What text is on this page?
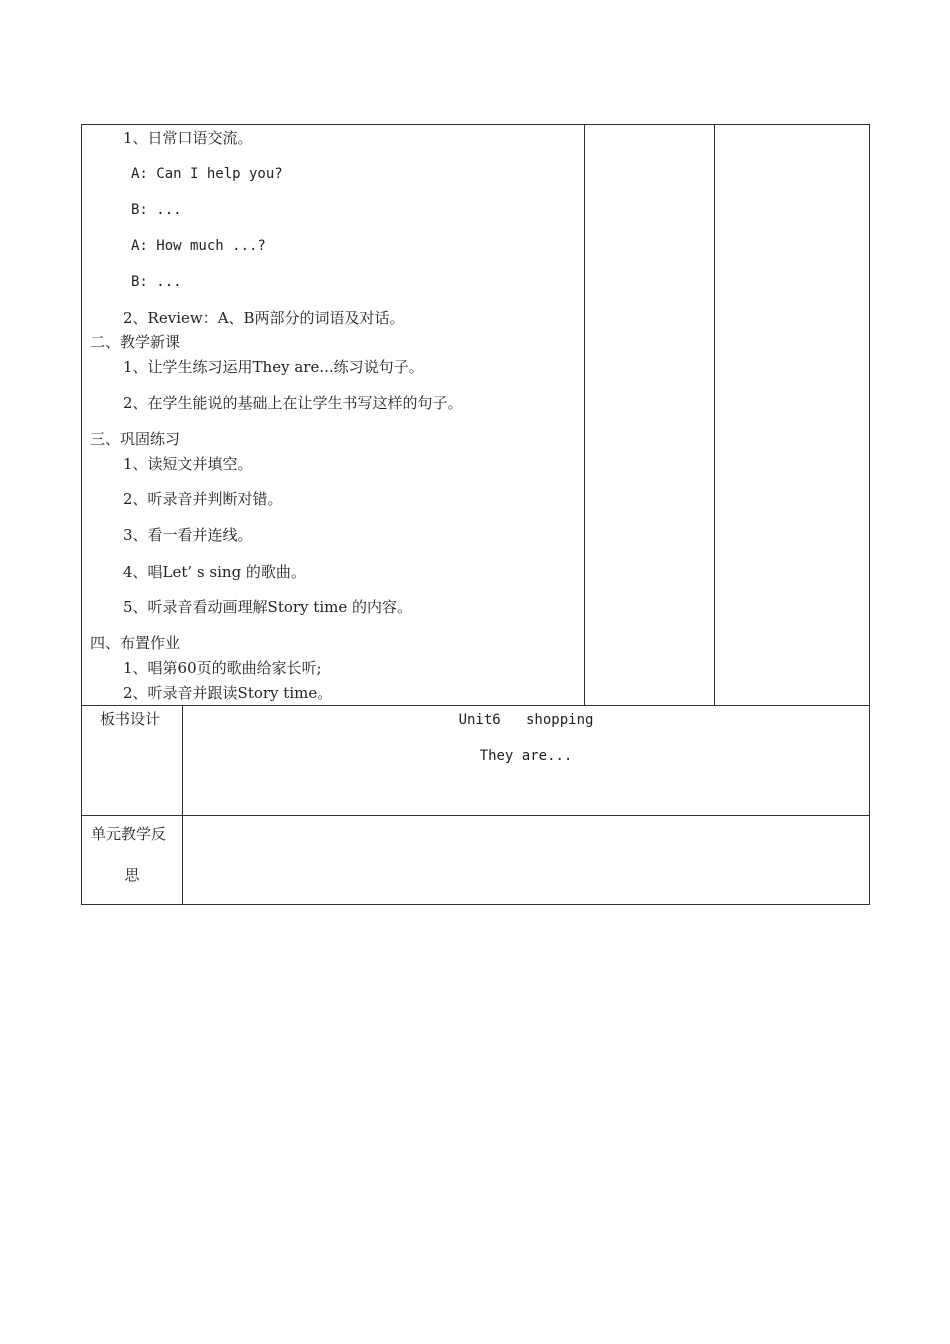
1、日常口语交流。
A: Can I help you?
B: ...
A: How much ...?
B: ...
2、Review：A、B两部分的词语及对话。
二、教学新课
1、让学生练习运用They are...练习说句子。
2、在学生能说的基础上在让学生书写这样的句子。
三、巩固练习
1、读短文并填空。
2、听录音并判断对错。
3、看一看并连线。
4、唱Let’ s sing 的歌曲。
5、听录音看动画理解Story time 的内容。
四、布置作业
1、唱第60页的歌曲给家长听;
2、听录音并跟读Story time。
板书设计	Unit6   shopping
They are...
单元教学反
思
